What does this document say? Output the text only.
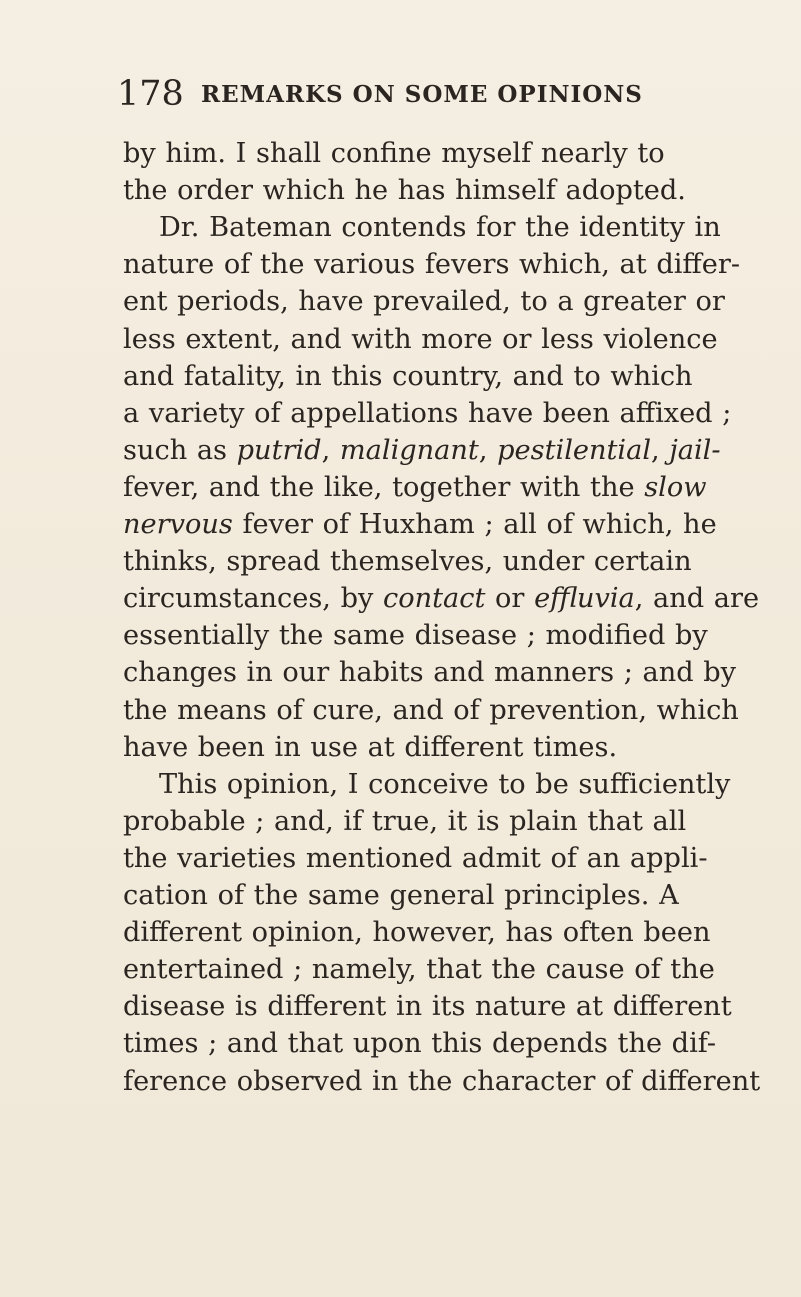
178 REMARKS ON SOME OPINIONS
by him. I shall confine myself nearly to
the order which he has himself adopted.
Dr. Bateman contends for the identity in
nature of the various fevers which, at differ-
ent periods, have prevailed, to a greater or
less extent, and with more or less violence
and fatality, in this country, and to which
a variety of appellations have been affixed ;
such as putrid, malignant, pestilential, jail-
fever, and the like, together with the slow
nervous fever of Huxham ; all of which, he
thinks, spread themselves, under certain
circumstances, by contact or effluvia, and are
essentially the same disease ; modified by
changes in our habits and manners ; and by
the means of cure, and of prevention, which
have been in use at different times.
This opinion, I conceive to be sufficiently
probable ; and, if true, it is plain that all
the varieties mentioned admit of an appli-
cation of the same general principles. A
different opinion, however, has often been
entertained ; namely, that the cause of the
disease is different in its nature at different
times ; and that upon this depends the dif-
ference observed in the character of different
